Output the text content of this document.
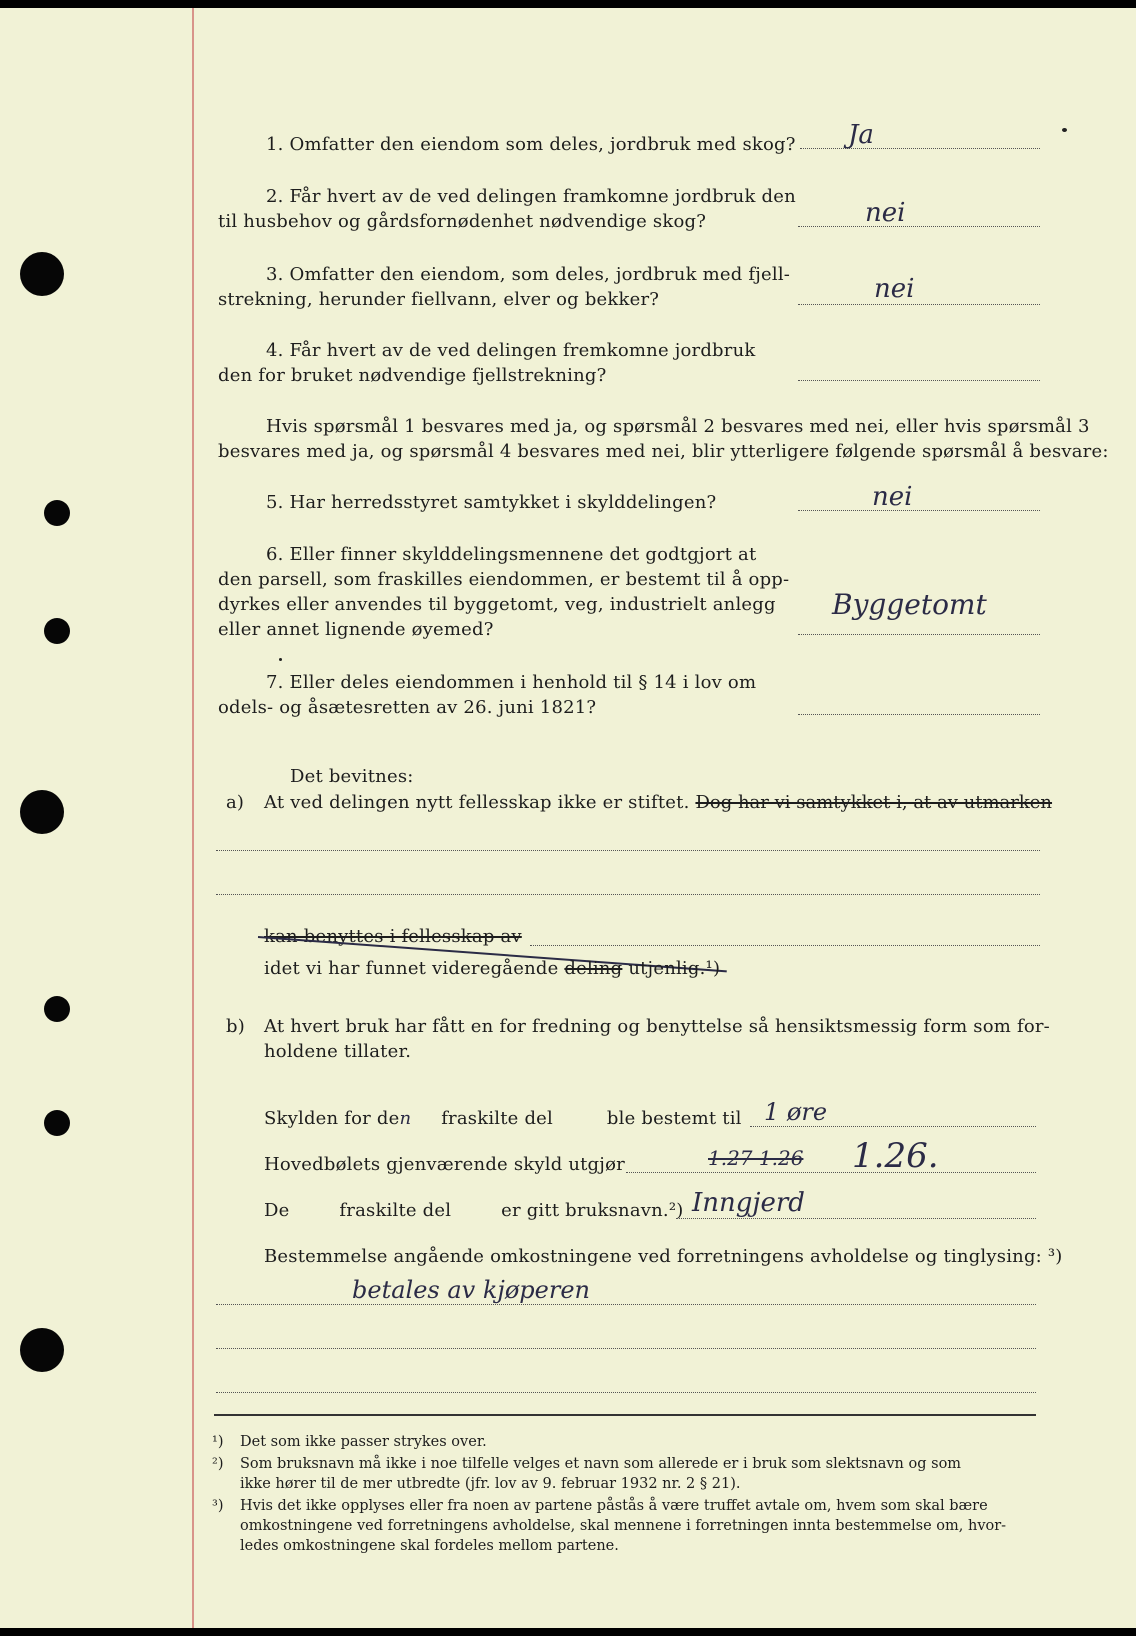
1. Omfatter den eiendom som deles, jordbruk med skog? Ja
2. Får hvert av de ved delingen framkomne jordbruk den
til husbehov og gårdsfornødenhet nødvendige skog?	nei
3. Omfatter den eiendom, som deles, jordbruk med fjell-
strekning, herunder fiellvann, elver og bekker?	nei
4. Får hvert av de ved delingen fremkomne jordbruk
den for bruket nødvendige fjellstrekning?
Hvis spørsmål 1 besvares med ja, og spørsmål 2 besvares med nei, eller hvis spørsmål 3
besvares med ja, og spørsmål 4 besvares med nei, blir ytterligere følgende spørsmål å besvare:
5. Har herredsstyret samtykket i skylddelingen?	nei
6. Eller finner skylddelingsmennene det godtgjort at
den parsell, som fraskilles eiendommen, er bestemt til å opp-
dyrkes eller anvendes til byggetomt, veg, industrielt anlegg
eller annet lignende øyemed?
Byggetomt
7. Eller deles eiendommen i henhold til § 14 i lov om
odels- og åsætesretten av 26. juni 1821?
Det bevitnes:
a) At ved delingen nytt fellesskap ikke er stiftet. Dog har vi samtykket i, at av utmarken
kan benyttes i fellesskap av
idet vi har funnet videregående deling utjenlig.¹)
b) At hvert bruk har fått en for fredning og benyttelse så hensiktsmessig form som for-
holdene tillater.
Skylden for den fraskilte del	ble bestemt til 1 øre
Hovedbølets gjenværende skyld utgjør	1.27 1.26 1.26.
De	fraskilte del	er gitt bruksnavn.²) Inngjerd
Bestemmelse angående omkostningene ved forretningens avholdelse og tinglysing: ³)
betales av kjøperen
¹) Det som ikke passer strykes over.
²) Som bruksnavn må ikke i noe tilfelle velges et navn som allerede er i bruk som slektsnavn og som
ikke hører til de mer utbredte (jfr. lov av 9. februar 1932 nr. 2 § 21).
³) Hvis det ikke opplyses eller fra noen av partene påstås å være truffet avtale om, hvem som skal bære
omkostningene ved forretningens avholdelse, skal mennene i forretningen innta bestemmelse om, hvor-
ledes omkostningene skal fordeles mellom partene.
